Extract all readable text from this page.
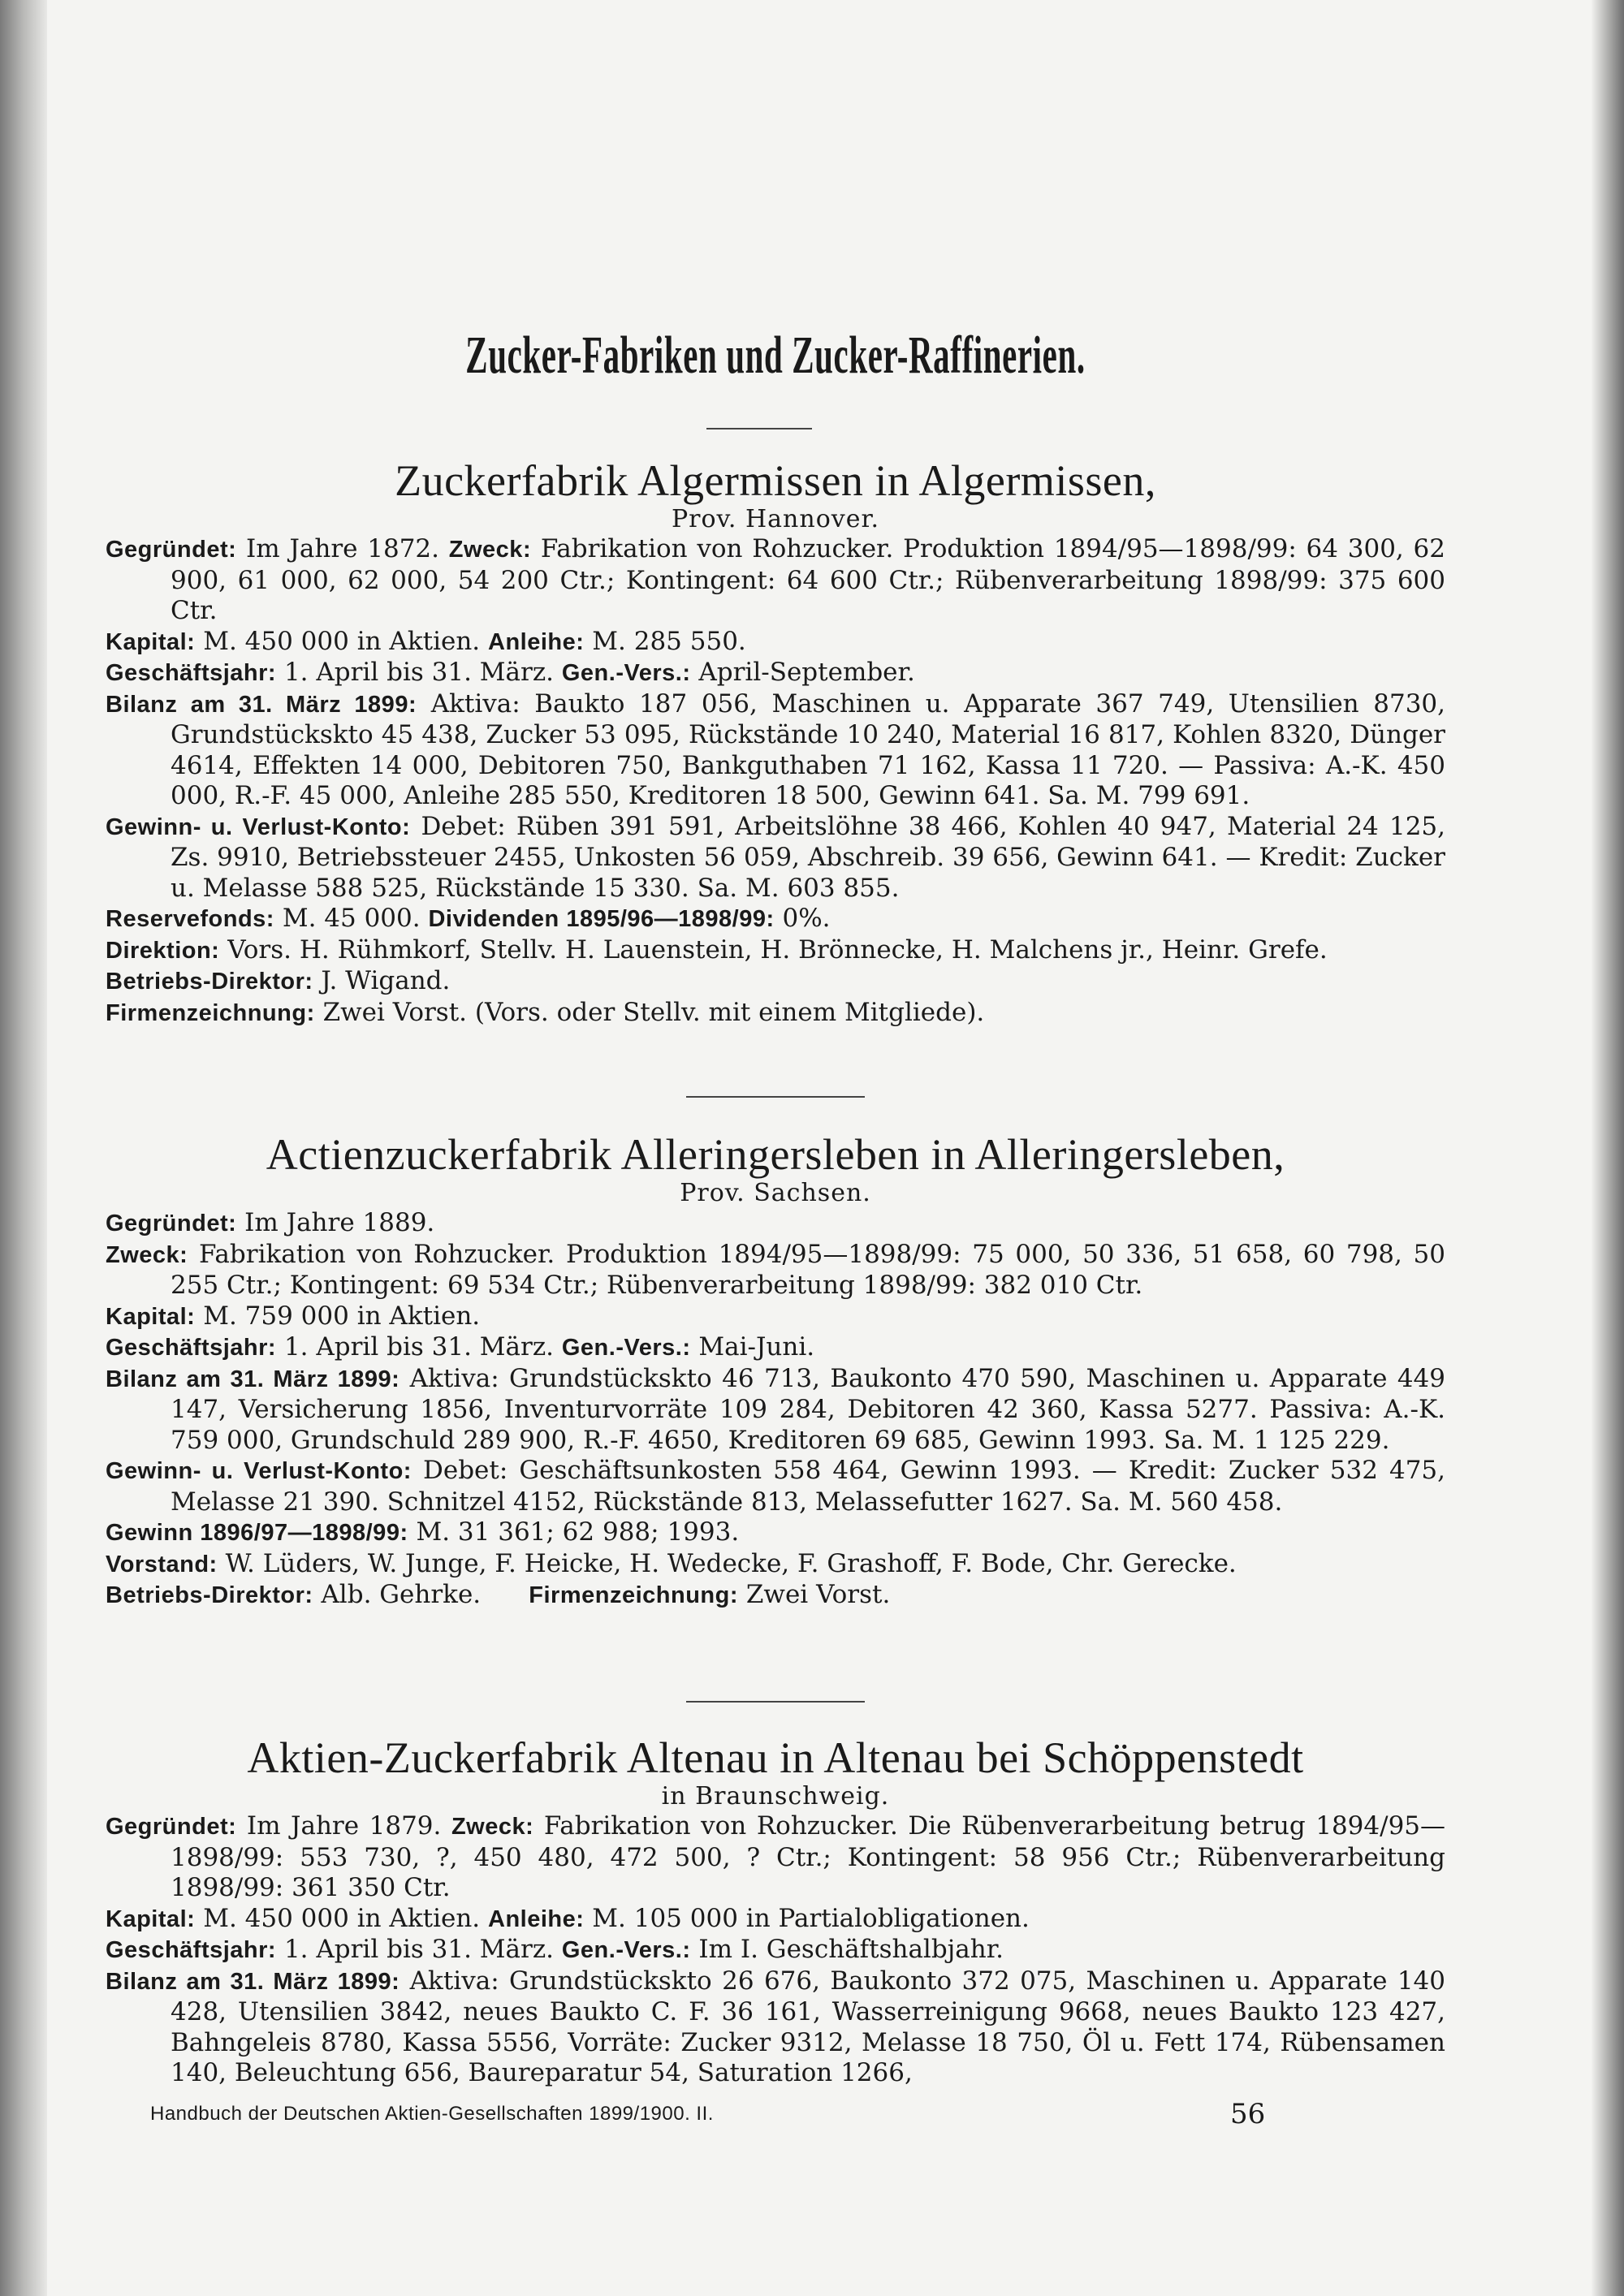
Zucker-Fabriken und Zucker-Raffinerien.

Zuckerfabrik Algermissen in Algermissen,

Prov. Hannover.

Gegründet: Im Jahre 1872. Zweck: Fabrikation von Rohzucker. Produktion 1894/95—1898/99: 64 300, 62 900, 61 000, 62 000, 54 200 Ctr.; Kontingent: 64 600 Ctr.; Rübenverarbeitung 1898/99: 375 600 Ctr.

Kapital: M. 450 000 in Aktien. Anleihe: M. 285 550.

Geschäftsjahr: 1. April bis 31. März. Gen.-Vers.: April-September.

Bilanz am 31. März 1899: Aktiva: Baukto 187 056, Maschinen u. Apparate 367 749, Utensilien 8730, Grundstückskto 45 438, Zucker 53 095, Rückstände 10 240, Material 16 817, Kohlen 8320, Dünger 4614, Effekten 14 000, Debitoren 750, Bankguthaben 71 162, Kassa 11 720. — Passiva: A.-K. 450 000, R.-F. 45 000, Anleihe 285 550, Kreditoren 18 500, Gewinn 641. Sa. M. 799 691.

Gewinn- u. Verlust-Konto: Debet: Rüben 391 591, Arbeitslöhne 38 466, Kohlen 40 947, Material 24 125, Zs. 9910, Betriebssteuer 2455, Unkosten 56 059, Abschreib. 39 656, Gewinn 641. — Kredit: Zucker u. Melasse 588 525, Rückstände 15 330. Sa. M. 603 855.

Reservefonds: M. 45 000. Dividenden 1895/96—1898/99: 0%.

Direktion: Vors. H. Rühmkorf, Stellv. H. Lauenstein, H. Brönnecke, H. Malchens jr., Heinr. Grefe.

Betriebs-Direktor: J. Wigand.

Firmenzeichnung: Zwei Vorst. (Vors. oder Stellv. mit einem Mitgliede).

Actienzuckerfabrik Alleringersleben in Alleringersleben,

Prov. Sachsen.

Gegründet: Im Jahre 1889.

Zweck: Fabrikation von Rohzucker. Produktion 1894/95—1898/99: 75 000, 50 336, 51 658, 60 798, 50 255 Ctr.; Kontingent: 69 534 Ctr.; Rübenverarbeitung 1898/99: 382 010 Ctr.

Kapital: M. 759 000 in Aktien.

Geschäftsjahr: 1. April bis 31. März. Gen.-Vers.: Mai-Juni.

Bilanz am 31. März 1899: Aktiva: Grundstückskto 46 713, Baukonto 470 590, Maschinen u. Apparate 449 147, Versicherung 1856, Inventurvorräte 109 284, Debitoren 42 360, Kassa 5277. Passiva: A.-K. 759 000, Grundschuld 289 900, R.-F. 4650, Kreditoren 69 685, Gewinn 1993. Sa. M. 1 125 229.

Gewinn- u. Verlust-Konto: Debet: Geschäftsunkosten 558 464, Gewinn 1993. — Kredit: Zucker 532 475, Melasse 21 390. Schnitzel 4152, Rückstände 813, Melassefutter 1627. Sa. M. 560 458.

Gewinn 1896/97—1898/99: M. 31 361; 62 988; 1993.

Vorstand: W. Lüders, W. Junge, F. Heicke, H. Wedecke, F. Grashoff, F. Bode, Chr. Gerecke.

Betriebs-Direktor: Alb. Gehrke. Firmenzeichnung: Zwei Vorst.

Aktien-Zuckerfabrik Altenau in Altenau bei Schöppenstedt

in Braunschweig.

Gegründet: Im Jahre 1879. Zweck: Fabrikation von Rohzucker. Die Rübenverarbeitung betrug 1894/95—1898/99: 553 730, ?, 450 480, 472 500, ? Ctr.; Kontingent: 58 956 Ctr.; Rübenverarbeitung 1898/99: 361 350 Ctr.

Kapital: M. 450 000 in Aktien. Anleihe: M. 105 000 in Partialobligationen.

Geschäftsjahr: 1. April bis 31. März. Gen.-Vers.: Im I. Geschäftshalbjahr.

Bilanz am 31. März 1899: Aktiva: Grundstückskto 26 676, Baukonto 372 075, Maschinen u. Apparate 140 428, Utensilien 3842, neues Baukto C. F. 36 161, Wasserreinigung 9668, neues Baukto 123 427, Bahngeleis 8780, Kassa 5556, Vorräte: Zucker 9312, Melasse 18 750, Öl u. Fett 174, Rübensamen 140, Beleuchtung 656, Baureparatur 54, Saturation 1266,

Handbuch der Deutschen Aktien-Gesellschaften 1899/1900. II.	56
